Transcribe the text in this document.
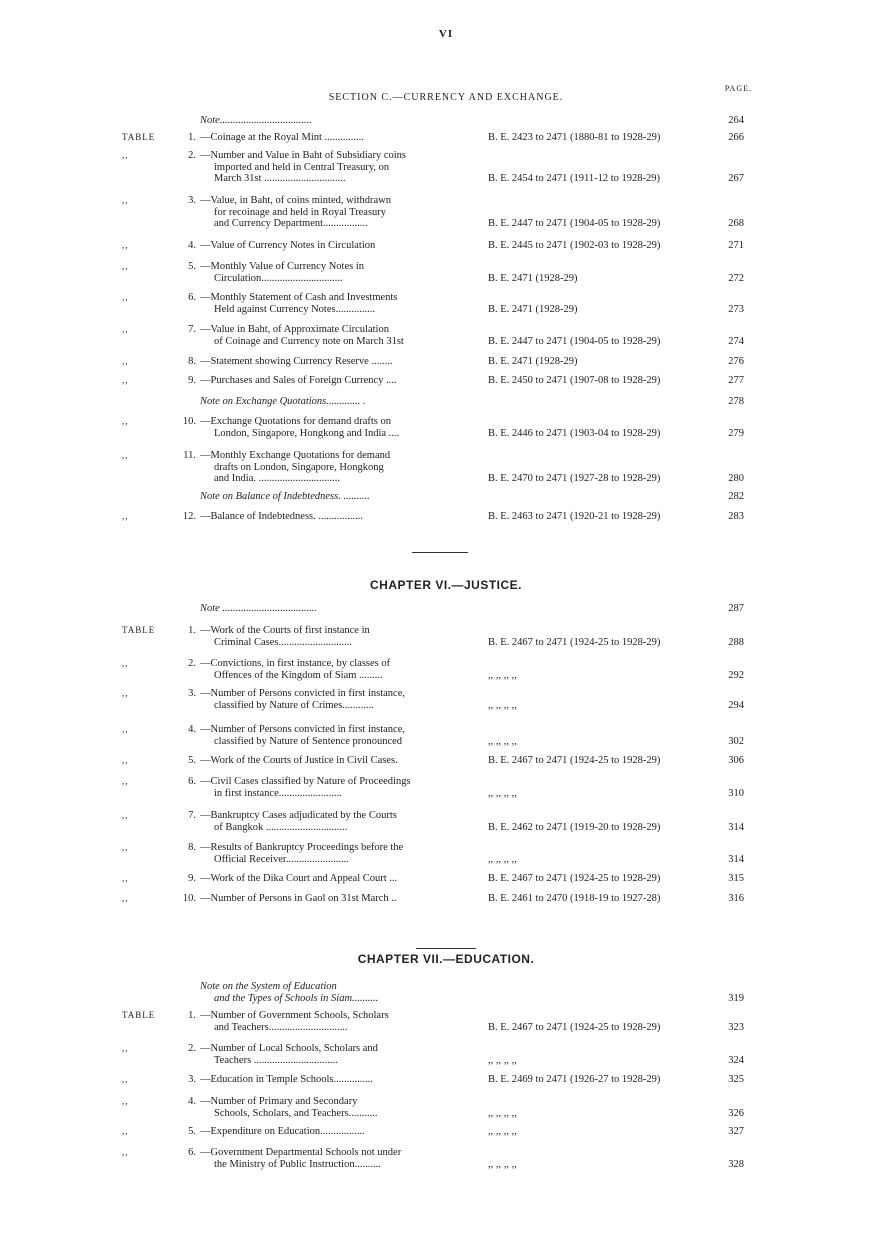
VI
PAGE.
SECTION C.—CURRENCY AND EXCHANGE.
Note...................................	264
TABLE	1. —Coinage at the Royal Mint ...............	B. E. 2423 to 2471 (1880-81 to 1928-29)	266
,,	2. —Number and Value in Baht of Subsidiary coins
imported and held in Central Treasury, on
March 31st ...............................	B. E. 2454 to 2471 (1911-12 to 1928-29)	267
,,	3. —Value, in Baht, of coins minted, withdrawn
for recoinage and held in Royal Treasury
and Currency Department.................	B. E. 2447 to 2471 (1904-05 to 1928-29)	268
,,	4. —Value of Currency Notes in Circulation	B. E. 2445 to 2471 (1902-03 to 1928-29)	271
,,	5. —Monthly Value of Currency Notes in
Circulation...............................	B. E. 2471 (1928-29)	272
,,	6. —Monthly Statement of Cash and Investments
Held against Currency Notes...............	B. E. 2471 (1928-29)	273
,,	7. —Value in Baht, of Approximate Circulation
of Coinage and Currency note on March 31st	B. E. 2447 to 2471 (1904-05 to 1928-29)	274
,,	8. —Statement showing Currency Reserve ........	B. E. 2471 (1928-29)	276
,,	9. —Purchases and Sales of Foreign Currency ....	B. E. 2450 to 2471 (1907-08 to 1928-29)	277
Note on Exchange Quotations............. .	278
,,	10. —Exchange Quotations for demand drafts on
London, Singapore, Hongkong and India ....	B. E. 2446 to 2471 (1903-04 to 1928-29)	279
,,	11. —Monthly Exchange Quotations for demand
drafts on London, Singapore, Hongkong
and India. ...............................	B. E. 2470 to 2471 (1927-28 to 1928-29)	280
Note on Balance of Indebtedness. ..........	282
,,	12. —Balance of Indebtedness. .................	B. E. 2463 to 2471 (1920-21 to 1928-29)	283
CHAPTER VI.—JUSTICE.
Note ....................................	287
TABLE	1. —Work of the Courts of first instance in
Criminal Cases............................	B. E. 2467 to 2471 (1924-25 to 1928-29)	288
,,	2. —Convictions, in first instance, by classes of
Offences of the Kingdom of Siam .........	,, ,, ,, ,,	292
,,	3. —Number of Persons convicted in first instance,
classified by Nature of Crimes............	,, ,, ,, ,,	294
,,	4. —Number of Persons convicted in first instance,
classified by Nature of Sentence pronounced	,, ,, ,, ,,	302
,,	5. —Work of the Courts of Justice in Civil Cases.	B. E. 2467 to 2471 (1924-25 to 1928-29)	306
,,	6. —Civil Cases classified by Nature of Proceedings
in first instance........................	,, ,, ,, ,,	310
,,	7. —Bankruptcy Cases adjudicated by the Courts
of Bangkok ...............................	B. E. 2462 to 2471 (1919-20 to 1928-29)	314
,,	8. —Results of Bankruptcy Proceedings before the
Official Receiver........................	,, ,, ,, ,,	314
,,	9. —Work of the Dika Court and Appeal Court ...	B. E. 2467 to 2471 (1924-25 to 1928-29)	315
,,	10. —Number of Persons in Gaol on 31st March ..	B. E. 2461 to 2470 (1918-19 to 1927-28)	316
CHAPTER VII.—EDUCATION.
Note on the System of Education
and the Types of Schools in Siam..........	319
TABLE	1. —Number of Government Schools, Scholars
and Teachers..............................	B. E. 2467 to 2471 (1924-25 to 1928-29)	323
,,	2. —Number of Local Schools, Scholars and
Teachers ................................	,, ,, ,, ,,	324
,,	3. —Education in Temple Schools...............	B. E. 2469 to 2471 (1926-27 to 1928-29)	325
,,	4. —Number of Primary and Secondary
Schools, Scholars, and Teachers...........	,, ,, ,, ,,	326
,,	5. —Expenditure on Education.................	,, ,, ,, ,,	327
,,	6. —Government Departmental Schools not under
the Ministry of Public Instruction..........	,, ,, ,, ,,	328
